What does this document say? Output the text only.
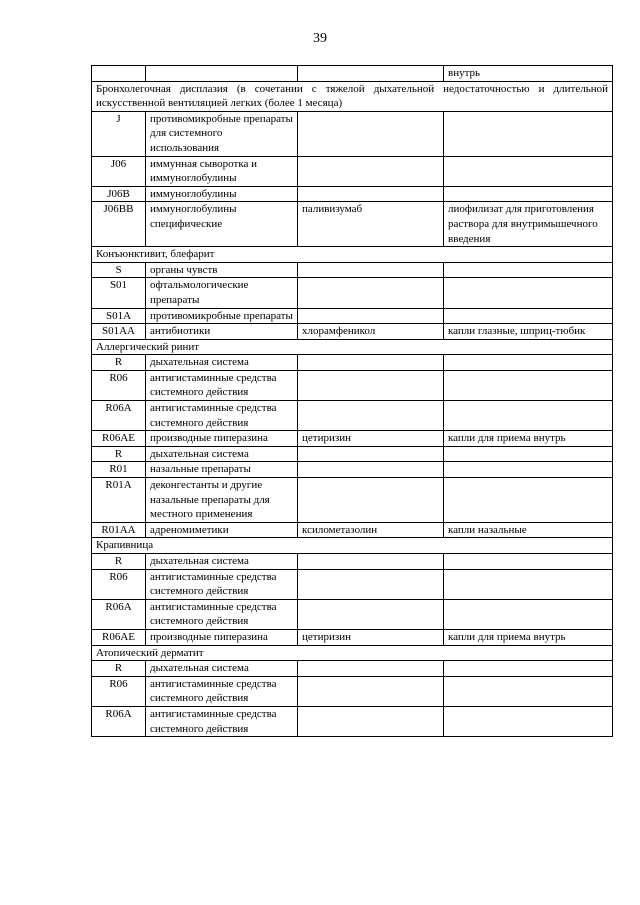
39
			внутрь
Бронхолегочная дисплазия (в сочетании с тяжелой дыхательной недостаточностью и длительной искусственной вентиляцией легких (более 1 месяца)			
J	противомикробные препараты для системного использования		
J06	иммунная сыворотка и иммуноглобулины		
J06B	иммуноглобулины		
J06BB	иммуноглобулины специфические	паливизумаб	лиофилизат для приготовления раствора для внутримышечного введения
Конъюнктивит, блефарит			
S	органы чувств		
S01	офтальмологические препараты		
S01A	противомикробные препараты		
S01AA	антибиотики	хлорамфеникол	капли глазные, шприц-тюбик
Аллергический ринит			
R	дыхательная система		
R06	антигистаминные средства системного действия		
R06A	антигистаминные средства системного действия		
R06AE	производные пиперазина	цетиризин	капли для приема внутрь
R	дыхательная система		
R01	назальные препараты		
R01A	деконгестанты и другие назальные препараты для местного применения		
R01AA	адреномиметики	ксилометазолин	капли назальные
Крапивница			
R	дыхательная система		
R06	антигистаминные средства системного действия		
R06A	антигистаминные средства системного действия		
R06AE	производные пиперазина	цетиризин	капли для приема внутрь
Атопический дерматит			
R	дыхательная система		
R06	антигистаминные средства системного действия		
R06A	антигистаминные средства системного действия		
